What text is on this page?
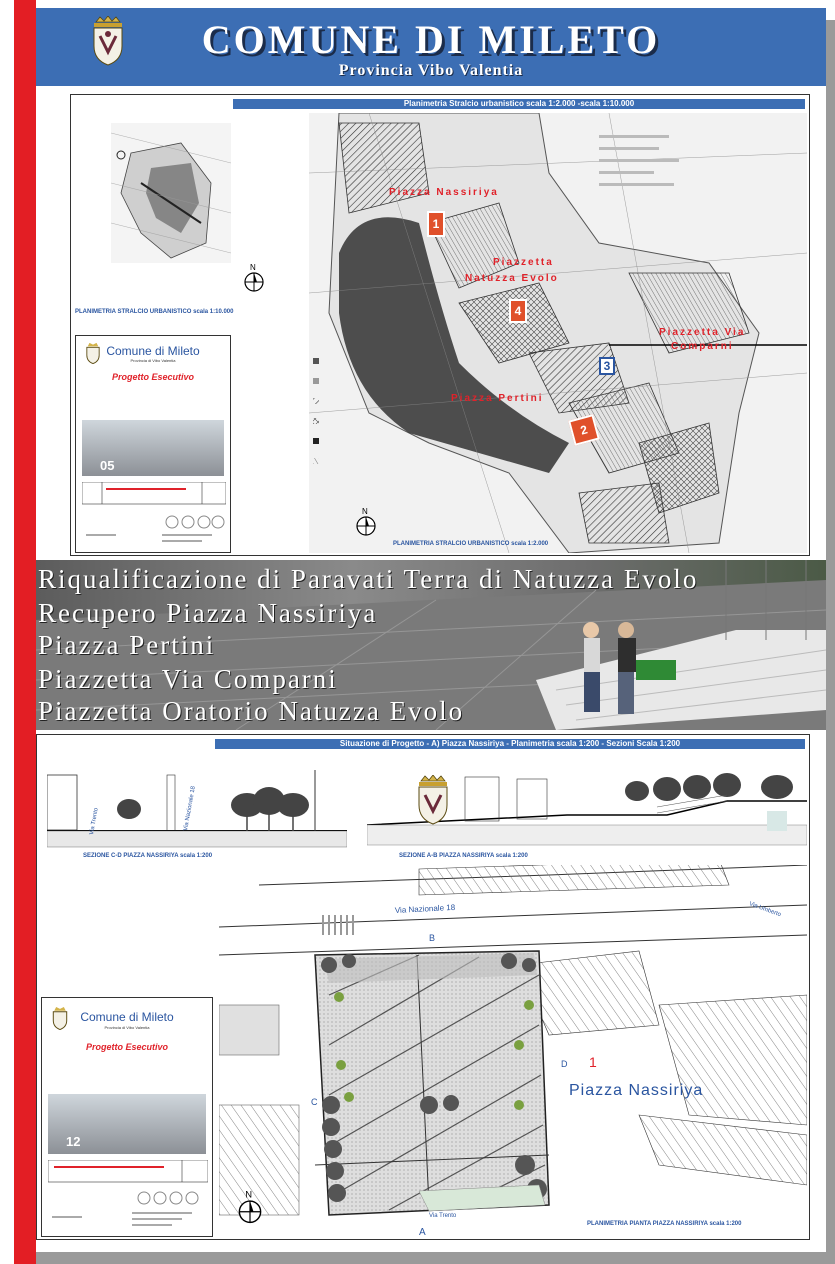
COMUNE DI MILETO
Provincia Vibo Valentia
Planimetria Stralcio urbanistico scala 1:2.000 -scala 1:10.000
N
PLANIMETRIA STRALCIO URBANISTICO scala 1:10.000
Piazza Nassiriya
Piazzetta
Natuzza Evolo
Piazzetta Via
Comparni
Piazza Pertini
1
4
3
2
N
PLANIMETRIA STRALCIO URBANISTICO scala 1:2.000
Comune di Mileto
Provincia di Vibo Valentia
Progetto Esecutivo
05
Riqualificazione di Paravati Terra di Natuzza Evolo
Recupero Piazza Nassiriya
Piazza Pertini
Piazzetta Via Comparni
Piazzetta Oratorio Natuzza Evolo
Situazione di Progetto - A) Piazza Nassiriya - Planimetria scala 1:200 - Sezioni Scala 1:200
Via Trento	Via Nazionale 18
SEZIONE C-D PIAZZA NASSIRIYA scala 1:200	SEZIONE A-B PIAZZA NASSIRIYA scala 1:200
Via Nazionale 18	Via Umberto
Via Trento
B
C
D
A
1
Piazza Nassiriya
N
PLANIMETRIA PIANTA PIAZZA NASSIRIYA scala 1:200
Comune di Mileto
Provincia di Vibo Valentia
Progetto Esecutivo
12
